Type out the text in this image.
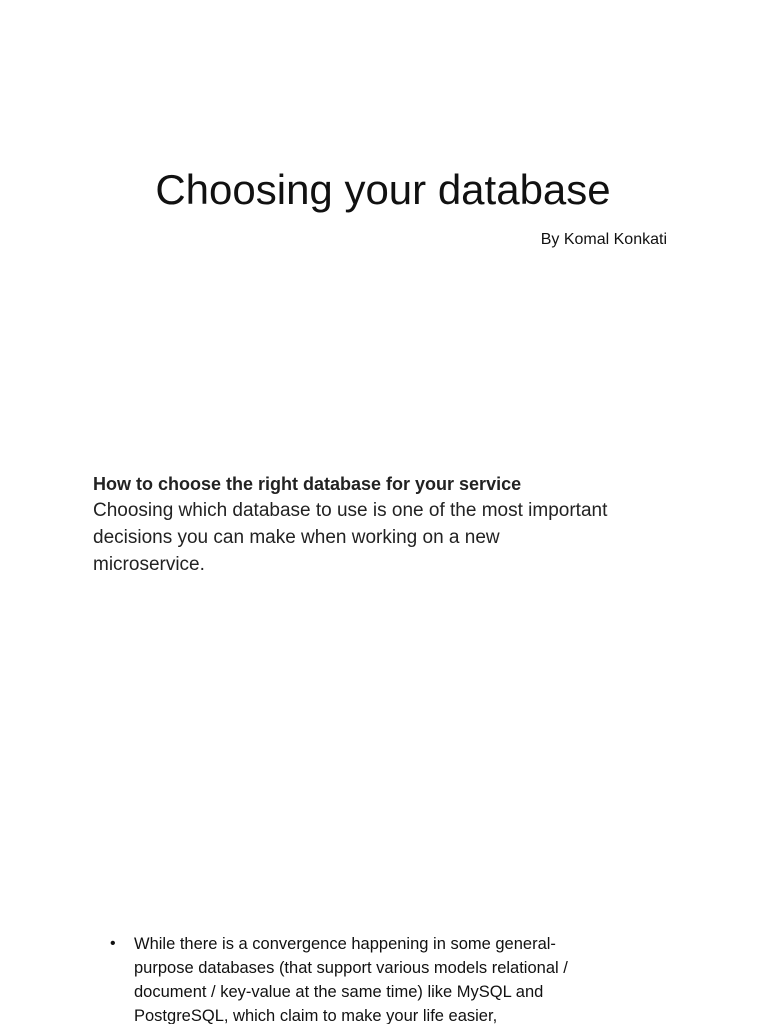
Choosing your database
By Komal Konkati

How to choose the right database for your service

Choosing which database to use is one of the most important decisions you can make when working on a new microservice.

• While there is a convergence happening in some general-purpose databases (that support various models relational / document / key-value at the same time) like MySQL and PostgreSQL, which claim to make your life easier,
